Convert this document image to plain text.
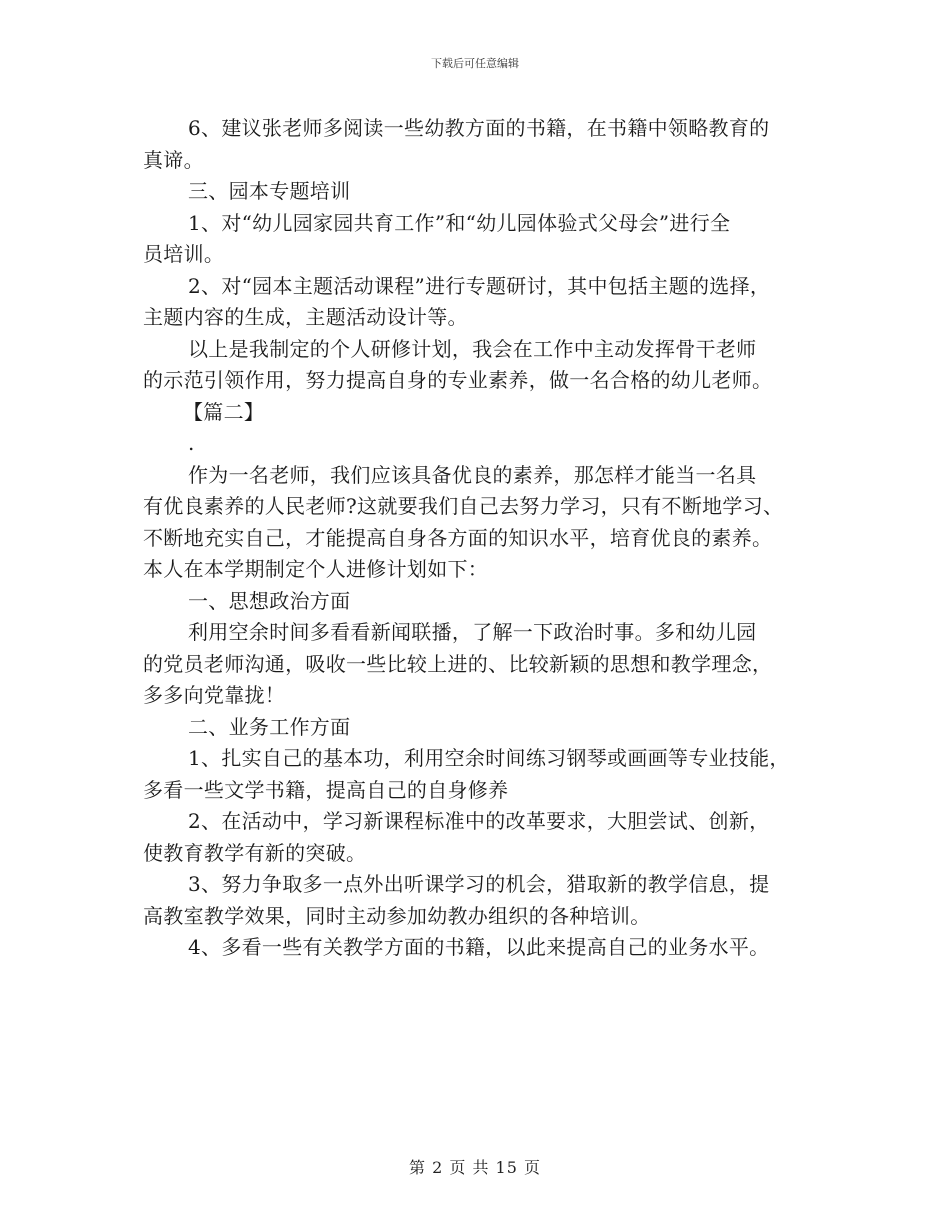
下载后可任意编辑
6、建议张老师多阅读一些幼教方面的书籍，在书籍中领略教育的
真谛。
三、园本专题培训
1、对“幼儿园家园共育工作”和“幼儿园体验式父母会”进行全
员培训。
2、对“园本主题活动课程”进行专题研讨，其中包括主题的选择，
主题内容的生成，主题活动设计等。
以上是我制定的个人研修计划，我会在工作中主动发挥骨干老师
的示范引领作用，努力提高自身的专业素养，做一名合格的幼儿老师。
【篇二】
.
作为一名老师，我们应该具备优良的素养，那怎样才能当一名具
有优良素养的人民老师?这就要我们自己去努力学习，只有不断地学习、
不断地充实自己，才能提高自身各方面的知识水平，培育优良的素养。
本人在本学期制定个人进修计划如下：
一、思想政治方面
利用空余时间多看看新闻联播，了解一下政治时事。多和幼儿园
的党员老师沟通，吸收一些比较上进的、比较新颖的思想和教学理念，
多多向党靠拢！
二、业务工作方面
1、扎实自己的基本功，利用空余时间练习钢琴或画画等专业技能，
多看一些文学书籍，提高自己的自身修养
2、在活动中，学习新课程标准中的改革要求，大胆尝试、创新，
使教育教学有新的突破。
3、努力争取多一点外出听课学习的机会，猎取新的教学信息，提
高教室教学效果，同时主动参加幼教办组织的各种培训。
4、多看一些有关教学方面的书籍，以此来提高自己的业务水平。
第 2 页 共 15 页
